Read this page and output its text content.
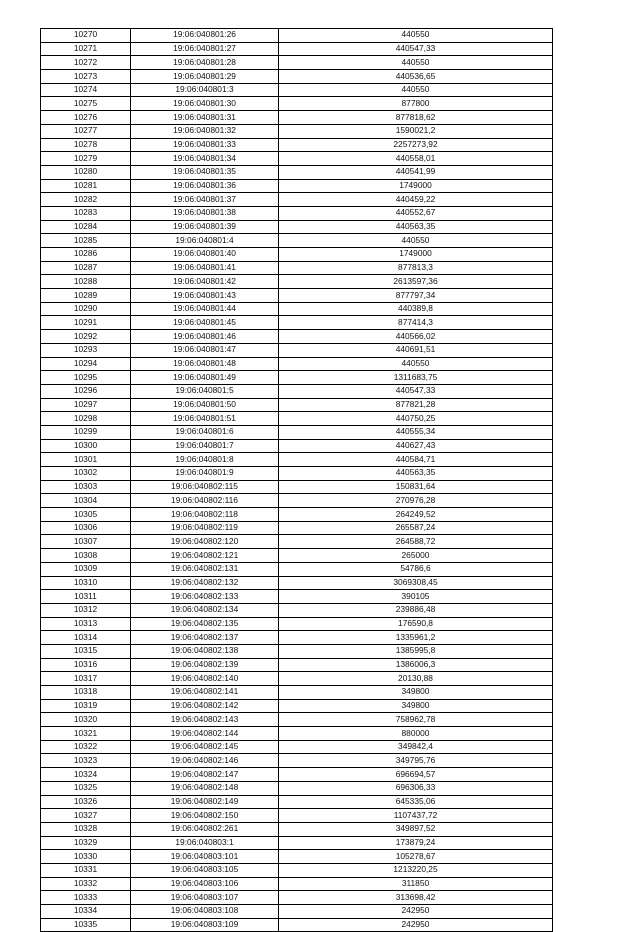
10270	19:06:040801:26	440550
10271	19:06:040801:27	440547,33
10272	19:06:040801:28	440550
10273	19:06:040801:29	440536,65
10274	19:06:040801:3	440550
10275	19:06:040801:30	877800
10276	19:06:040801:31	877818,62
10277	19:06:040801:32	1590021,2
10278	19:06:040801:33	2257273,92
10279	19:06:040801:34	440558,01
10280	19:06:040801:35	440541,99
10281	19:06:040801:36	1749000
10282	19:06:040801:37	440459,22
10283	19:06:040801:38	440552,67
10284	19:06:040801:39	440563,35
10285	19:06:040801:4	440550
10286	19:06:040801:40	1749000
10287	19:06:040801:41	877813,3
10288	19:06:040801:42	2613597,36
10289	19:06:040801:43	877797,34
10290	19:06:040801:44	440389,8
10291	19:06:040801:45	877414,3
10292	19:06:040801:46	440566,02
10293	19:06:040801:47	440691,51
10294	19:06:040801:48	440550
10295	19:06:040801:49	1311683,75
10296	19:06:040801:5	440547,33
10297	19:06:040801:50	877821,28
10298	19:06:040801:51	440750,25
10299	19:06:040801:6	440555,34
10300	19:06:040801:7	440627,43
10301	19:06:040801:8	440584,71
10302	19:06:040801:9	440563,35
10303	19:06:040802:115	150831,64
10304	19:06:040802:116	270976,28
10305	19:06:040802:118	264249,52
10306	19:06:040802:119	265587,24
10307	19:06:040802:120	264588,72
10308	19:06:040802:121	265000
10309	19:06:040802:131	54786,6
10310	19:06:040802:132	3069308,45
10311	19:06:040802:133	390105
10312	19:06:040802:134	239886,48
10313	19:06:040802:135	176590,8
10314	19:06:040802:137	1335961,2
10315	19:06:040802:138	1385995,8
10316	19:06:040802:139	1386006,3
10317	19:06:040802:140	20130,88
10318	19:06:040802:141	349800
10319	19:06:040802:142	349800
10320	19:06:040802:143	758962,78
10321	19:06:040802:144	880000
10322	19:06:040802:145	349842,4
10323	19:06:040802:146	349795,76
10324	19:06:040802:147	696694,57
10325	19:06:040802:148	696306,33
10326	19:06:040802:149	645335,06
10327	19:06:040802:150	1107437,72
10328	19:06:040802:261	349897,52
10329	19:06:040803:1	173879,24
10330	19:06:040803:101	105278,67
10331	19:06:040803:105	1213220,25
10332	19:06:040803:106	311850
10333	19:06:040803:107	313698,42
10334	19:06:040803:108	242950
10335	19:06:040803:109	242950
